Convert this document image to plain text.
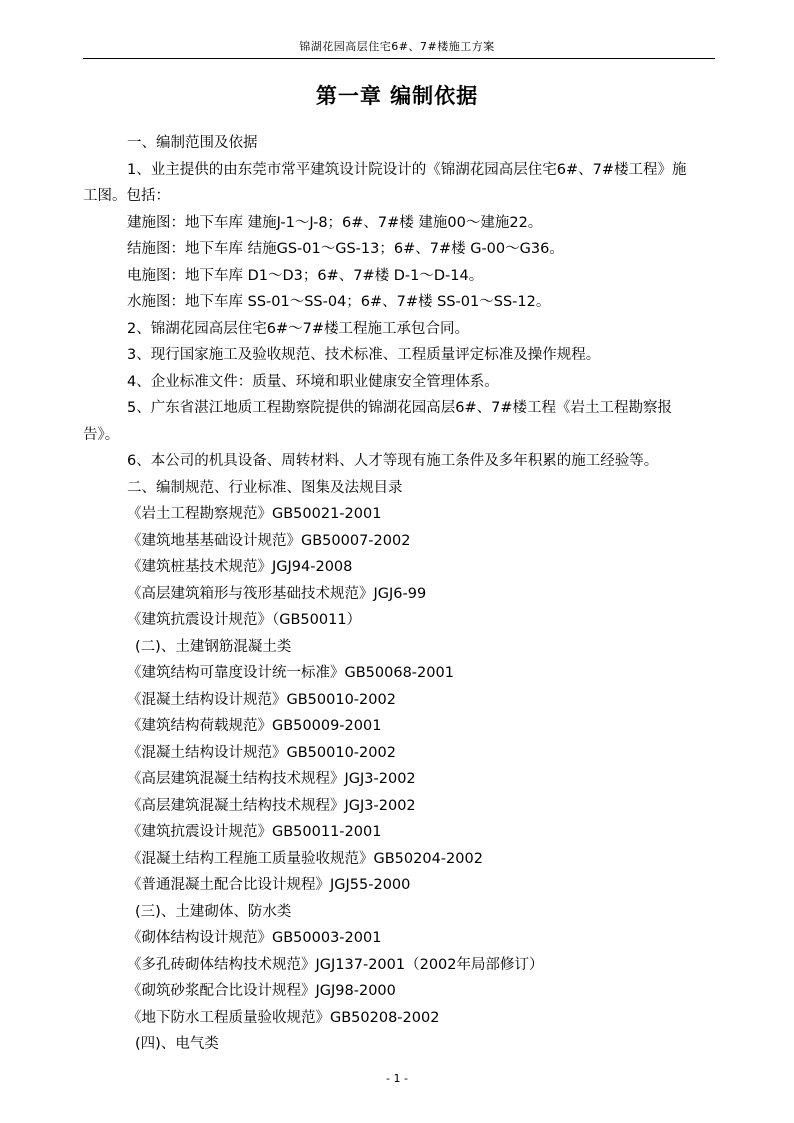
锦湖花园高层住宅6#、7#楼施工方案
第一章 编制依据
一、编制范围及依据
1、业主提供的由东莞市常平建筑设计院设计的《锦湖花园高层住宅6#、7#楼工程》施
工图。包括：
建施图：地下车库 建施J-1～J-8；6#、7#楼 建施00～建施22。
结施图：地下车库 结施GS-01～GS-13；6#、7#楼 G-00～G36。
电施图：地下车库 D1～D3；6#、7#楼 D-1～D-14。
水施图：地下车库 SS-01～SS-04；6#、7#楼 SS-01～SS-12。
2、锦湖花园高层住宅6#～7#楼工程施工承包合同。
3、现行国家施工及验收规范、技术标准、工程质量评定标准及操作规程。
4、企业标准文件：质量、环境和职业健康安全管理体系。
5、广东省湛江地质工程勘察院提供的锦湖花园高层6#、7#楼工程《岩土工程勘察报
告》。
6、本公司的机具设备、周转材料、人才等现有施工条件及多年积累的施工经验等。
二、编制规范、行业标准、图集及法规目录
《岩土工程勘察规范》GB50021-2001
《建筑地基基础设计规范》GB50007-2002
《建筑桩基技术规范》JGJ94-2008
《高层建筑箱形与筏形基础技术规范》JGJ6-99
《建筑抗震设计规范》（GB50011）
(二)、土建钢筋混凝土类
《建筑结构可靠度设计统一标准》GB50068-2001
《混凝土结构设计规范》GB50010-2002
《建筑结构荷载规范》GB50009-2001
《混凝土结构设计规范》GB50010-2002
《高层建筑混凝土结构技术规程》JGJ3-2002
《高层建筑混凝土结构技术规程》JGJ3-2002
《建筑抗震设计规范》GB50011-2001
《混凝土结构工程施工质量验收规范》GB50204-2002
《普通混凝土配合比设计规程》JGJ55-2000
(三)、土建砌体、防水类
《砌体结构设计规范》GB50003-2001
《多孔砖砌体结构技术规范》JGJ137-2001（2002年局部修订）
《砌筑砂浆配合比设计规程》JGJ98-2000
《地下防水工程质量验收规范》GB50208-2002
(四)、电气类
- 1 -
